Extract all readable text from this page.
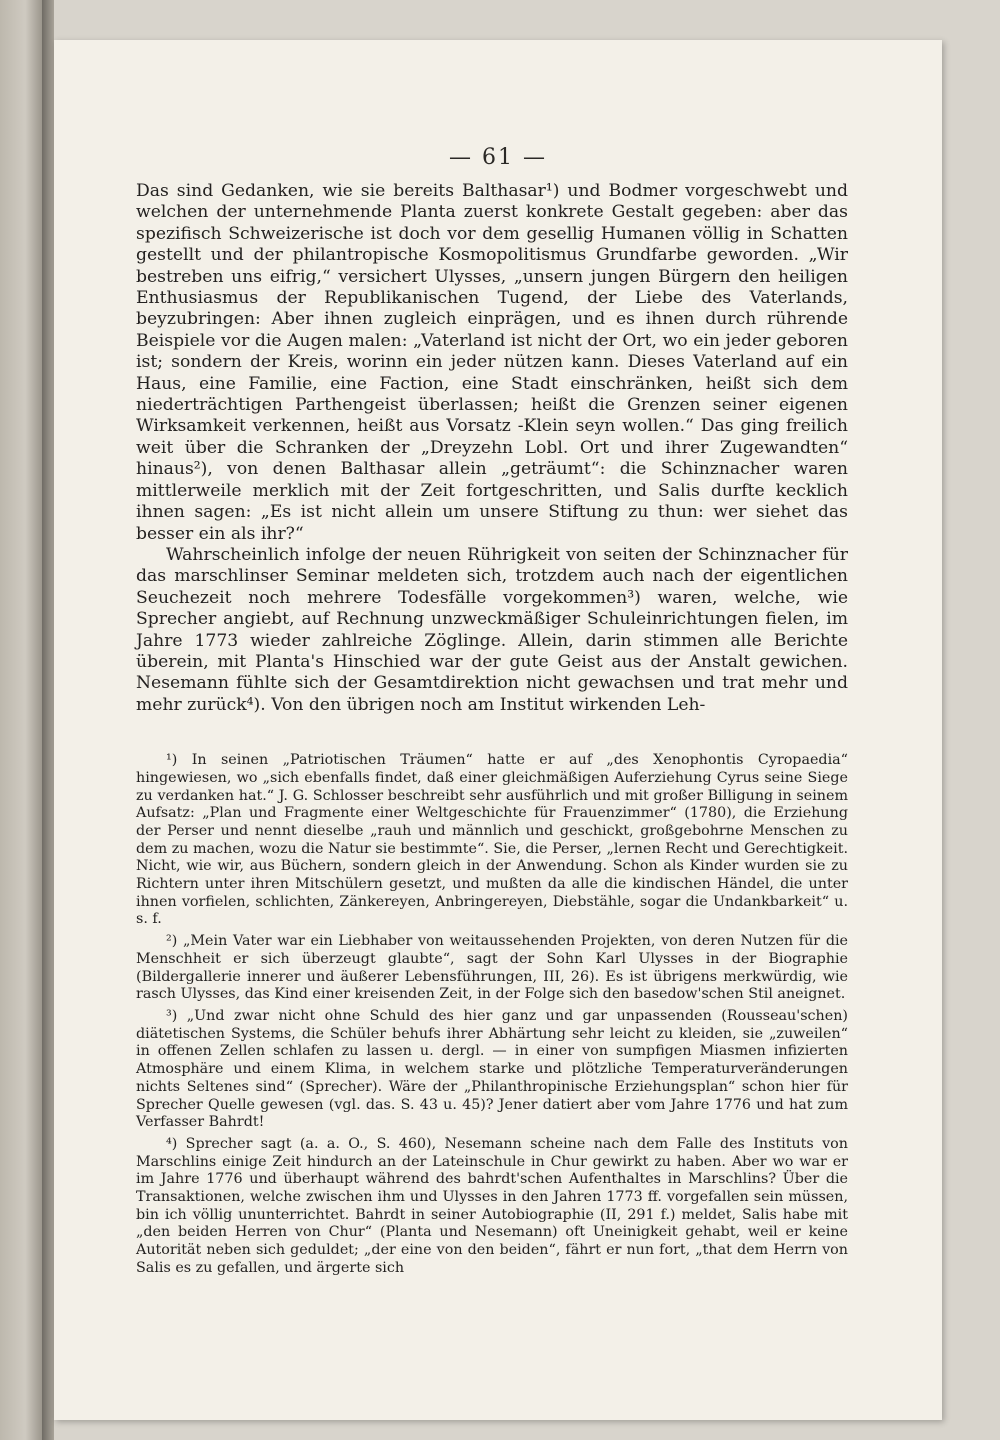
— 61 —

Das sind Gedanken, wie sie bereits Balthasar¹) und Bodmer vorgeschwebt und welchen der unternehmende Planta zuerst konkrete Gestalt gegeben: aber das spezifisch Schweizerische ist doch vor dem gesellig Humanen völlig in Schatten gestellt und der philantropische Kosmopolitismus Grundfarbe geworden. „Wir bestreben uns eifrig,“ versichert Ulysses, „unsern jungen Bürgern den heiligen Enthusiasmus der Republikanischen Tugend, der Liebe des Vaterlands, beyzubringen: Aber ihnen zugleich einprägen, und es ihnen durch rührende Beispiele vor die Augen malen: „Vaterland ist nicht der Ort, wo ein jeder geboren ist; sondern der Kreis, worinn ein jeder nützen kann. Dieses Vaterland auf ein Haus, eine Familie, eine Faction, eine Stadt einschränken, heißt sich dem niederträchtigen Parthengeist überlassen; heißt die Grenzen seiner eigenen Wirksamkeit verkennen, heißt aus Vorsatz -Klein seyn wollen.“ Das ging freilich weit über die Schranken der „Dreyzehn Lobl. Ort und ihrer Zugewandten“ hinaus²), von denen Balthasar allein „geträumt“: die Schinznacher waren mittlerweile merklich mit der Zeit fortgeschritten, und Salis durfte kecklich ihnen sagen: „Es ist nicht allein um unsere Stiftung zu thun: wer siehet das besser ein als ihr?“

Wahrscheinlich infolge der neuen Rührigkeit von seiten der Schinznacher für das marschlinser Seminar meldeten sich, trotzdem auch nach der eigentlichen Seuchezeit noch mehrere Todesfälle vorgekommen³) waren, welche, wie Sprecher angiebt, auf Rechnung unzweckmäßiger Schuleinrichtungen fielen, im Jahre 1773 wieder zahlreiche Zöglinge. Allein, darin stimmen alle Berichte überein, mit Planta's Hinschied war der gute Geist aus der Anstalt gewichen. Nesemann fühlte sich der Gesamtdirektion nicht gewachsen und trat mehr und mehr zurück⁴). Von den übrigen noch am Institut wirkenden Leh-

¹) In seinen „Patriotischen Träumen“ hatte er auf „des Xenophontis Cyropaedia“ hingewiesen, wo „sich ebenfalls findet, daß einer gleichmäßigen Auferziehung Cyrus seine Siege zu verdanken hat.“ J. G. Schlosser beschreibt sehr ausführlich und mit großer Billigung in seinem Aufsatz: „Plan und Fragmente einer Weltgeschichte für Frauenzimmer“ (1780), die Erziehung der Perser und nennt dieselbe „rauh und männlich und geschickt, großgebohrne Menschen zu dem zu machen, wozu die Natur sie bestimmte“. Sie, die Perser, „lernen Recht und Gerechtigkeit. Nicht, wie wir, aus Büchern, sondern gleich in der Anwendung. Schon als Kinder wurden sie zu Richtern unter ihren Mitschülern gesetzt, und mußten da alle die kindischen Händel, die unter ihnen vorfielen, schlichten, Zänkereyen, Anbringereyen, Diebstähle, sogar die Undankbarkeit“ u. s. f.

²) „Mein Vater war ein Liebhaber von weitaussehenden Projekten, von deren Nutzen für die Menschheit er sich überzeugt glaubte“, sagt der Sohn Karl Ulysses in der Biographie (Bildergallerie innerer und äußerer Lebensführungen, III, 26). Es ist übrigens merkwürdig, wie rasch Ulysses, das Kind einer kreisenden Zeit, in der Folge sich den basedow'schen Stil aneignet.

³) „Und zwar nicht ohne Schuld des hier ganz und gar unpassenden (Rousseau'schen) diätetischen Systems, die Schüler behufs ihrer Abhärtung sehr leicht zu kleiden, sie „zuweilen“ in offenen Zellen schlafen zu lassen u. dergl. — in einer von sumpfigen Miasmen infizierten Atmosphäre und einem Klima, in welchem starke und plötzliche Temperaturveränderungen nichts Seltenes sind“ (Sprecher). Wäre der „Philanthropinische Erziehungsplan“ schon hier für Sprecher Quelle gewesen (vgl. das. S. 43 u. 45)? Jener datiert aber vom Jahre 1776 und hat zum Verfasser Bahrdt!

⁴) Sprecher sagt (a. a. O., S. 460), Nesemann scheine nach dem Falle des Instituts von Marschlins einige Zeit hindurch an der Lateinschule in Chur gewirkt zu haben. Aber wo war er im Jahre 1776 und überhaupt während des bahrdt'schen Aufenthaltes in Marschlins? Über die Transaktionen, welche zwischen ihm und Ulysses in den Jahren 1773 ff. vorgefallen sein müssen, bin ich völlig ununterrichtet. Bahrdt in seiner Autobiographie (II, 291 f.) meldet, Salis habe mit „den beiden Herren von Chur“ (Planta und Nesemann) oft Uneinigkeit gehabt, weil er keine Autorität neben sich geduldet; „der eine von den beiden“, fährt er nun fort, „that dem Herrn von Salis es zu gefallen, und ärgerte sich
